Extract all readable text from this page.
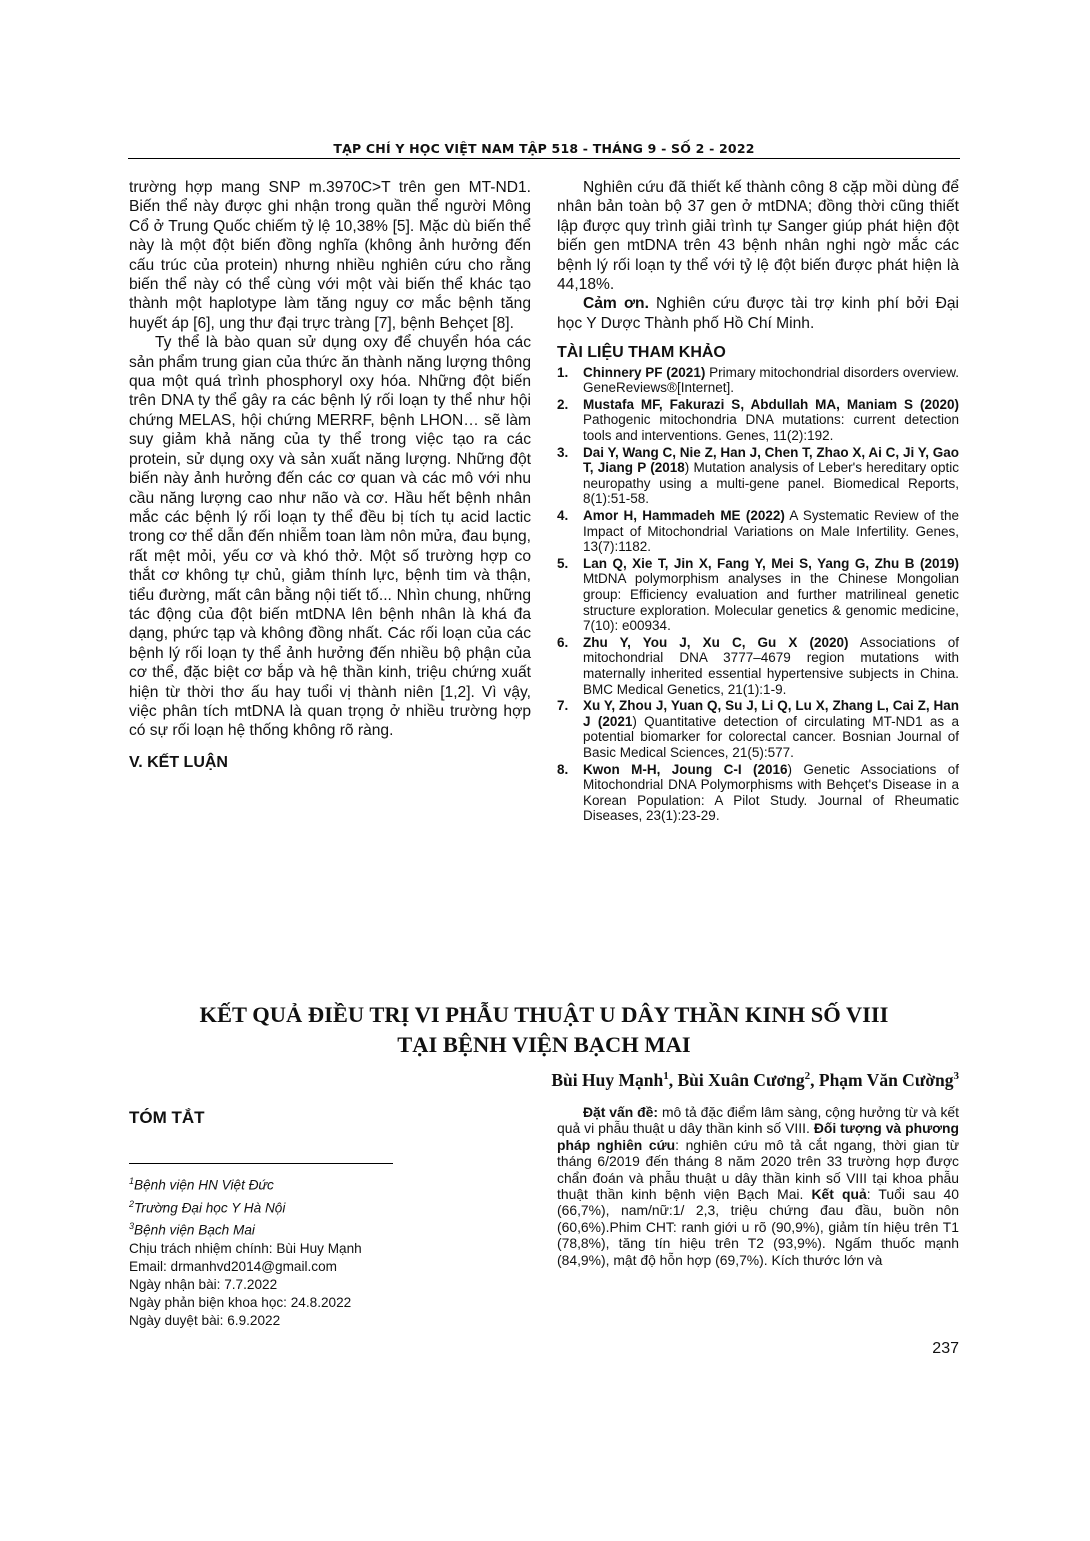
TẠP CHÍ Y HỌC VIỆT NAM TẬP 518 - THÁNG 9 - SỐ 2 - 2022

trường hợp mang SNP m.3970C>T trên gen MT-ND1. Biến thể này được ghi nhận trong quần thể người Mông Cổ ở Trung Quốc chiếm tỷ lệ 10,38% [5]. Mặc dù biến thể này là một đột biến đồng nghĩa (không ảnh hưởng đến cấu trúc của protein) nhưng nhiều nghiên cứu cho rằng biến thể này có thể cùng với một vài biến thể khác tạo thành một haplotype làm tăng nguy cơ mắc bệnh tăng huyết áp [6], ung thư đại trực tràng [7], bệnh Behçet [8].

Ty thể là bào quan sử dụng oxy để chuyển hóa các sản phẩm trung gian của thức ăn thành năng lượng thông qua một quá trình phosphoryl oxy hóa. Những đột biến trên DNA ty thể gây ra các bệnh lý rối loạn ty thể như hội chứng MELAS, hội chứng MERRF, bệnh LHON… sẽ làm suy giảm khả năng của ty thể trong việc tạo ra các protein, sử dụng oxy và sản xuất năng lượng. Những đột biến này ảnh hưởng đến các cơ quan và các mô với nhu cầu năng lượng cao như não và cơ. Hầu hết bệnh nhân mắc các bệnh lý rối loạn ty thể đều bị tích tụ acid lactic trong cơ thể dẫn đến nhiễm toan làm nôn mửa, đau bụng, rất mệt mỏi, yếu cơ và khó thở. Một số trường hợp co thắt cơ không tự chủ, giảm thính lực, bệnh tim và thận, tiểu đường, mất cân bằng nội tiết tố... Nhìn chung, những tác động của đột biến mtDNA lên bệnh nhân là khá đa dạng, phức tạp và không đồng nhất. Các rối loạn của các bệnh lý rối loạn ty thể ảnh hưởng đến nhiều bộ phận của cơ thể, đặc biệt cơ bắp và hệ thần kinh, triệu chứng xuất hiện từ thời thơ ấu hay tuổi vị thành niên [1,2]. Vì vậy, việc phân tích mtDNA là quan trọng ở nhiều trường hợp có sự rối loạn hệ thống không rõ ràng.

V. KẾT LUẬN

Nghiên cứu đã thiết kế thành công 8 cặp mồi dùng để nhân bản toàn bộ 37 gen ở mtDNA; đồng thời cũng thiết lập được quy trình giải trình tự Sanger giúp phát hiện đột biến gen mtDNA trên 43 bệnh nhân nghi ngờ mắc các bệnh lý rối loạn ty thể với tỷ lệ đột biến được phát hiện là 44,18%.

Cảm ơn. Nghiên cứu được tài trợ kinh phí bởi Đại học Y Dược Thành phố Hồ Chí Minh.

TÀI LIỆU THAM KHẢO
1. Chinnery PF (2021) Primary mitochondrial disorders overview. GeneReviews®[Internet].
2. Mustafa MF, Fakurazi S, Abdullah MA, Maniam S (2020) Pathogenic mitochondria DNA mutations: current detection tools and interventions. Genes, 11(2):192.
3. Dai Y, Wang C, Nie Z, Han J, Chen T, Zhao X, Ai C, Ji Y, Gao T, Jiang P (2018) Mutation analysis of Leber's hereditary optic neuropathy using a multi-gene panel. Biomedical Reports, 8(1):51-58.
4. Amor H, Hammadeh ME (2022) A Systematic Review of the Impact of Mitochondrial Variations on Male Infertility. Genes, 13(7):1182.
5. Lan Q, Xie T, Jin X, Fang Y, Mei S, Yang G, Zhu B (2019) MtDNA polymorphism analyses in the Chinese Mongolian group: Efficiency evaluation and further matrilineal genetic structure exploration. Molecular genetics & genomic medicine, 7(10): e00934.
6. Zhu Y, You J, Xu C, Gu X (2020) Associations of mitochondrial DNA 3777–4679 region mutations with maternally inherited essential hypertensive subjects in China. BMC Medical Genetics, 21(1):1-9.
7. Xu Y, Zhou J, Yuan Q, Su J, Li Q, Lu X, Zhang L, Cai Z, Han J (2021) Quantitative detection of circulating MT-ND1 as a potential biomarker for colorectal cancer. Bosnian Journal of Basic Medical Sciences, 21(5):577.
8. Kwon M-H, Joung C-I (2016) Genetic Associations of Mitochondrial DNA Polymorphisms with Behçet's Disease in a Korean Population: A Pilot Study. Journal of Rheumatic Diseases, 23(1):23-29.
KẾT QUẢ ĐIỀU TRỊ VI PHẪU THUẬT U DÂY THẦN KINH SỐ VIII
TẠI BỆNH VIỆN BẠCH MAI
Bùi Huy Mạnh$^1$, Bùi Xuân Cương$^2$, Phạm Văn Cường$^3$
TÓM TẮT
$^1$Bệnh viện HN Việt Đức
$^2$Trường Đại học Y Hà Nội
$^3$Bệnh viện Bạch Mai
Chịu trách nhiệm chính: Bùi Huy Mạnh
Email: drmanhvd2014@gmail.com
Ngày nhận bài: 7.7.2022
Ngày phản biện khoa học: 24.8.2022
Ngày duyệt bài: 6.9.2022

Đặt vấn đề: mô tả đặc điểm lâm sàng, cộng hưởng từ và kết quả vi phẫu thuật u dây thần kinh số VIII. Đối tượng và phương pháp nghiên cứu: nghiên cứu mô tả cắt ngang, thời gian từ tháng 6/2019 đến tháng 8 năm 2020 trên 33 trường hợp được chẩn đoán và phẫu thuật u dây thần kinh số VIII tại khoa phẫu thuật thần kinh bệnh viện Bạch Mai. Kết quả: Tuổi sau 40 (66,7%), nam/nữ:1/ 2,3, triệu chứng đau đầu, buồn nôn (60,6%).Phim CHT: ranh giới u rõ (90,9%), giảm tín hiệu trên T1 (78,8%), tăng tín hiệu trên T2 (93,9%). Ngấm thuốc mạnh (84,9%), mật độ hỗn hợp (69,7%). Kích thước lớn và

237
